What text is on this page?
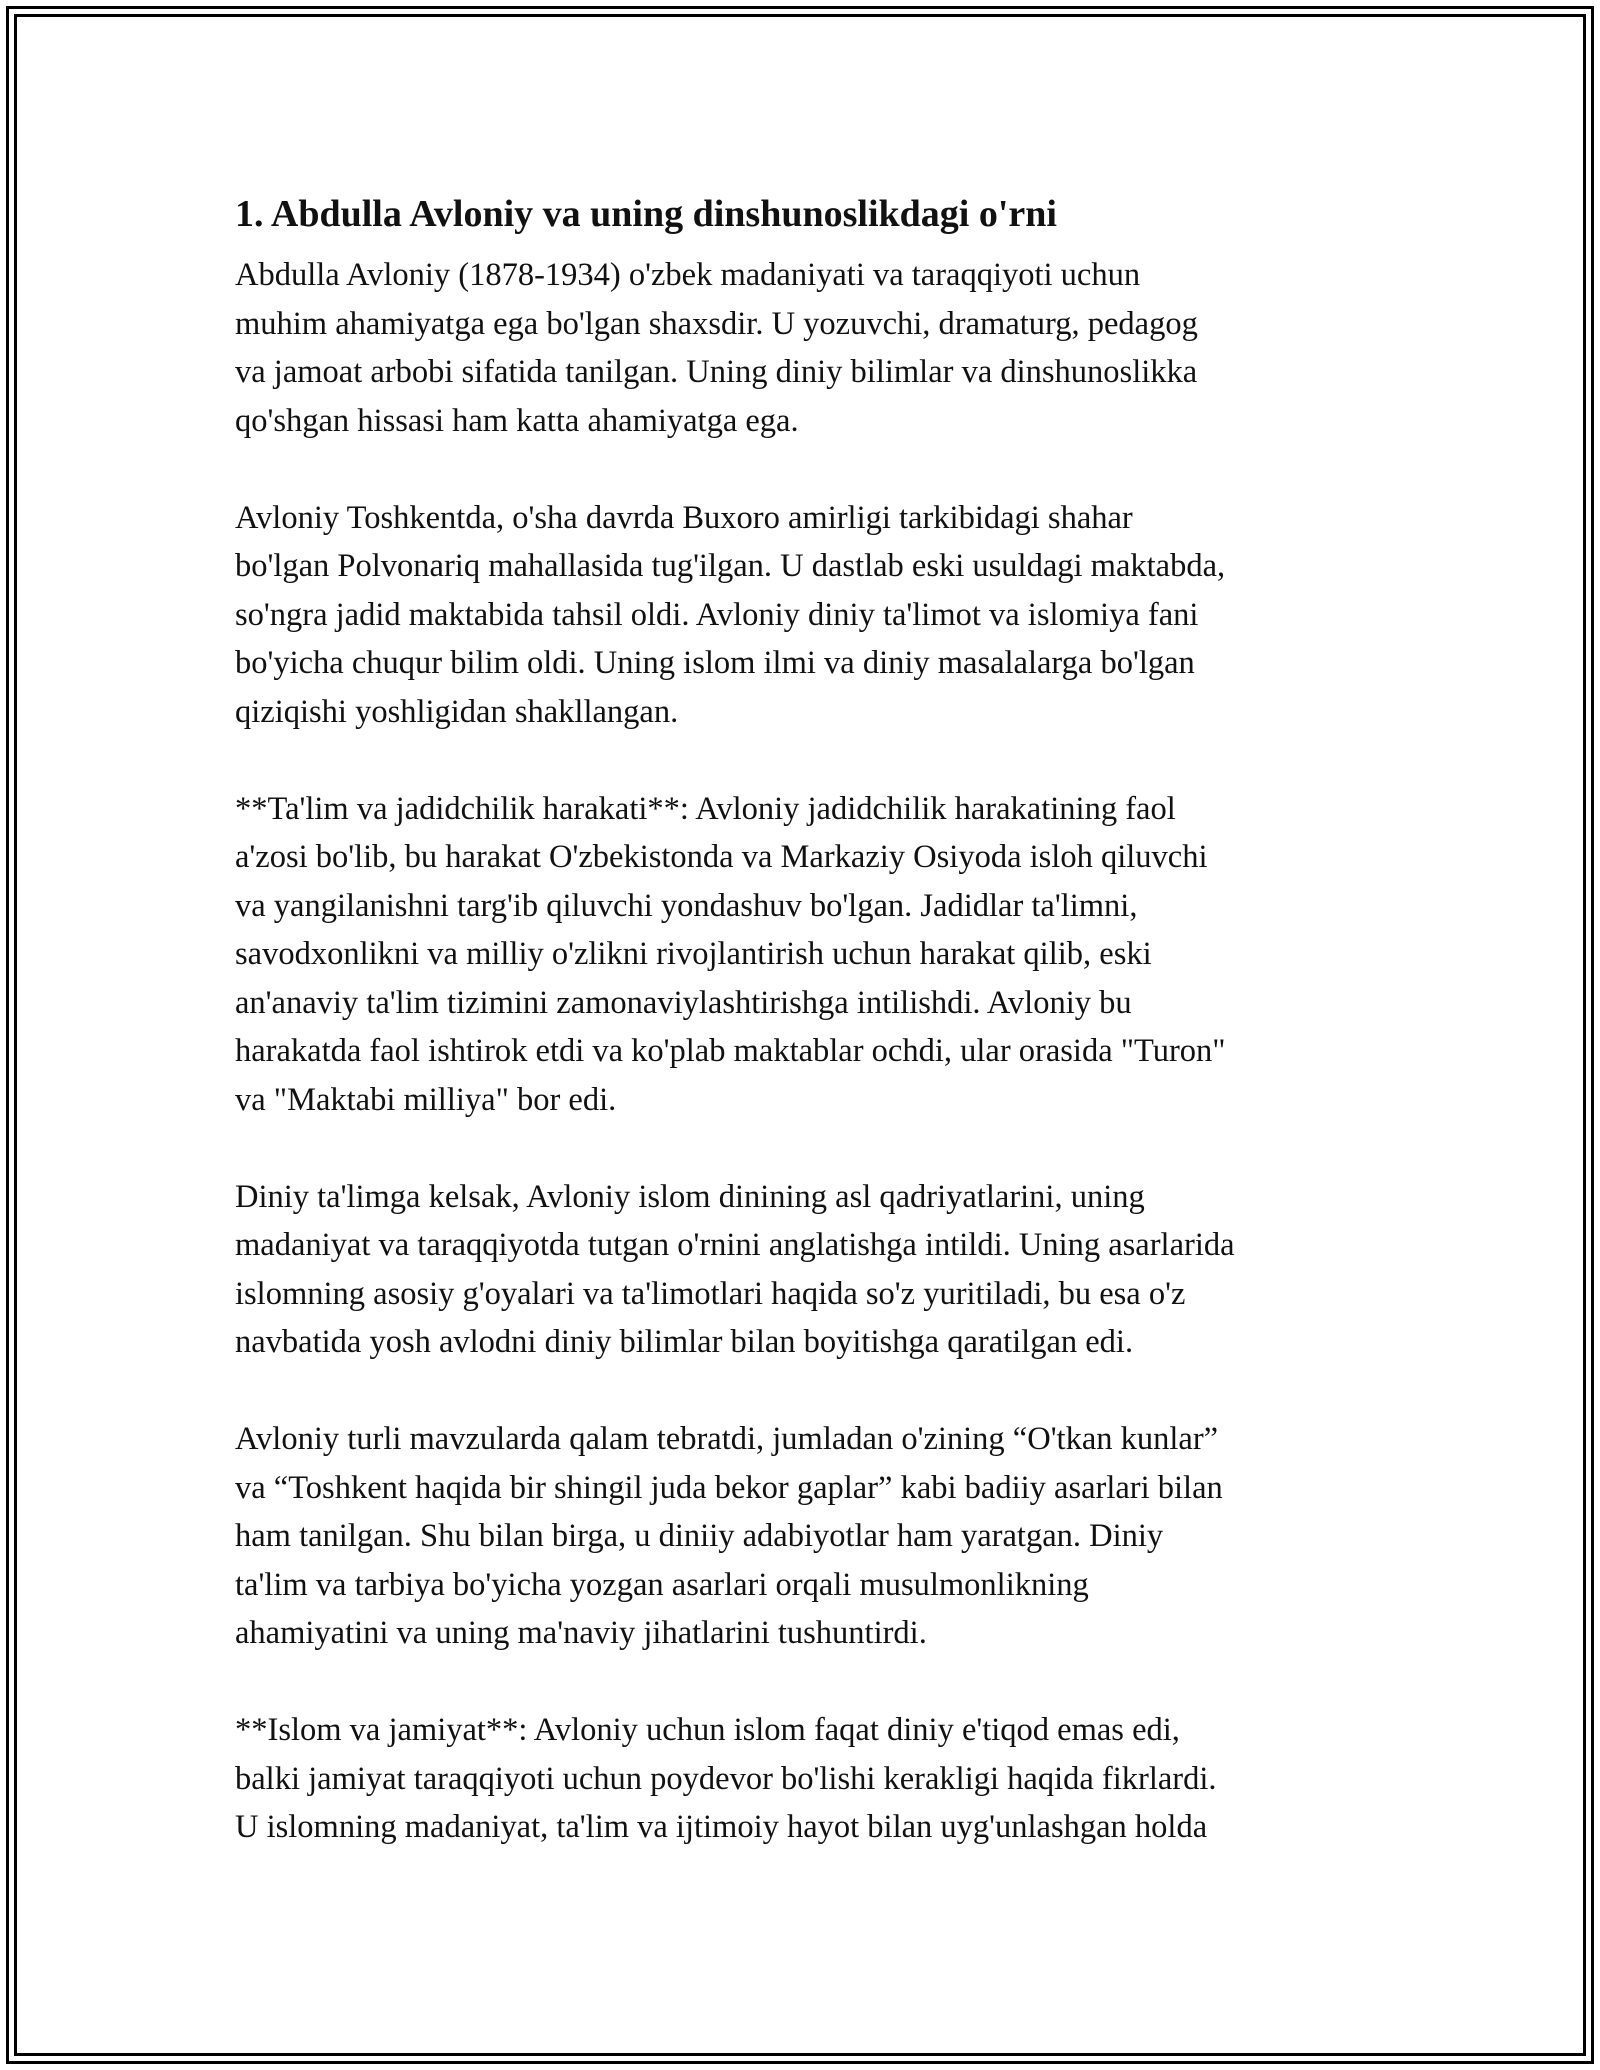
1. Abdulla Avloniy va uning dinshunoslikdagi o'rni
Abdulla Avloniy (1878-1934) o'zbek madaniyati va taraqqiyoti uchun
muhim ahamiyatga ega bo'lgan shaxsdir. U yozuvchi, dramaturg, pedagog
va jamoat arbobi sifatida tanilgan. Uning diniy bilimlar va dinshunoslikka
qo'shgan hissasi ham katta ahamiyatga ega.
Avloniy Toshkentda, o'sha davrda Buxoro amirligi tarkibidagi shahar
bo'lgan Polvonariq mahallasida tug'ilgan. U dastlab eski usuldagi maktabda,
so'ngra jadid maktabida tahsil oldi. Avloniy diniy ta'limot va islomiya fani
bo'yicha chuqur bilim oldi. Uning islom ilmi va diniy masalalarga bo'lgan
qiziqishi yoshligidan shakllangan.
**Ta'lim va jadidchilik harakati**: Avloniy jadidchilik harakatining faol
a'zosi bo'lib, bu harakat O'zbekistonda va Markaziy Osiyoda isloh qiluvchi
va yangilanishni targ'ib qiluvchi yondashuv bo'lgan. Jadidlar ta'limni,
savodxonlikni va milliy o'zlikni rivojlantirish uchun harakat qilib, eski
an'anaviy ta'lim tizimini zamonaviylashtirishga intilishdi. Avloniy bu
harakatda faol ishtirok etdi va ko'plab maktablar ochdi, ular orasida "Turon"
va "Maktabi milliya" bor edi.
Diniy ta'limga kelsak, Avloniy islom dinining asl qadriyatlarini, uning
madaniyat va taraqqiyotda tutgan o'rnini anglatishga intildi. Uning asarlarida
islomning asosiy g'oyalari va ta'limotlari haqida so'z yuritiladi, bu esa o'z
navbatida yosh avlodni diniy bilimlar bilan boyitishga qaratilgan edi.
Avloniy turli mavzularda qalam tebratdi, jumladan o'zining “O'tkan kunlar”
va “Toshkent haqida bir shingil juda bekor gaplar” kabi badiiy asarlari bilan
ham tanilgan. Shu bilan birga, u diniiy adabiyotlar ham yaratgan. Diniy
ta'lim va tarbiya bo'yicha yozgan asarlari orqali musulmonlikning
ahamiyatini va uning ma'naviy jihatlarini tushuntirdi.
**Islom va jamiyat**: Avloniy uchun islom faqat diniy e'tiqod emas edi,
balki jamiyat taraqqiyoti uchun poydevor bo'lishi kerakligi haqida fikrlardi.
U islomning madaniyat, ta'lim va ijtimoiy hayot bilan uyg'unlashgan holda
